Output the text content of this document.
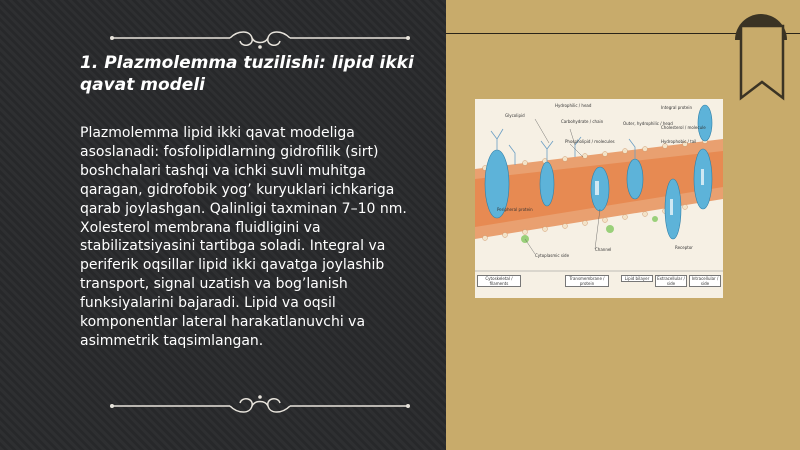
1. Plazmolemma tuzilishi: lipid ikki qavat modeli

Plazmolemma lipid ikki qavat modeliga asoslanadi: fosfolipidlarning gidrofilik (sirt) boshchalari tashqi va ichki suvli muhitga qaragan, gidrofobik yog’ kuryuklari ichkariga qarab joylashgan. Qalinligi taxminan 7–10 nm. Xolesterol membrana fluidligini va stabilizatsiyasini tartibga soladi. Integral va periferik oqsillar lipid ikki qavatga joylashib transport, signal uzatish va bog’lanish funksiyalarini bajaradi. Lipid va oqsil komponentlar lateral harakatlanuvchi va asimmetrik taqsimlangan.

Glycolipid
Hydrophilic / head
Carbohydrate / chain
Phospholipid / molecules
Outer, hydrophilic / head
Integral protein
Cholesterol / molecule
Hydrophobic / tail
Peripheral protein
Channel
Cytoplasmic side
Receptor
Cytoskeletal / filaments
Transmembrane / protein
Lipid bilayer	Extracellular / side
Intracellular / side
